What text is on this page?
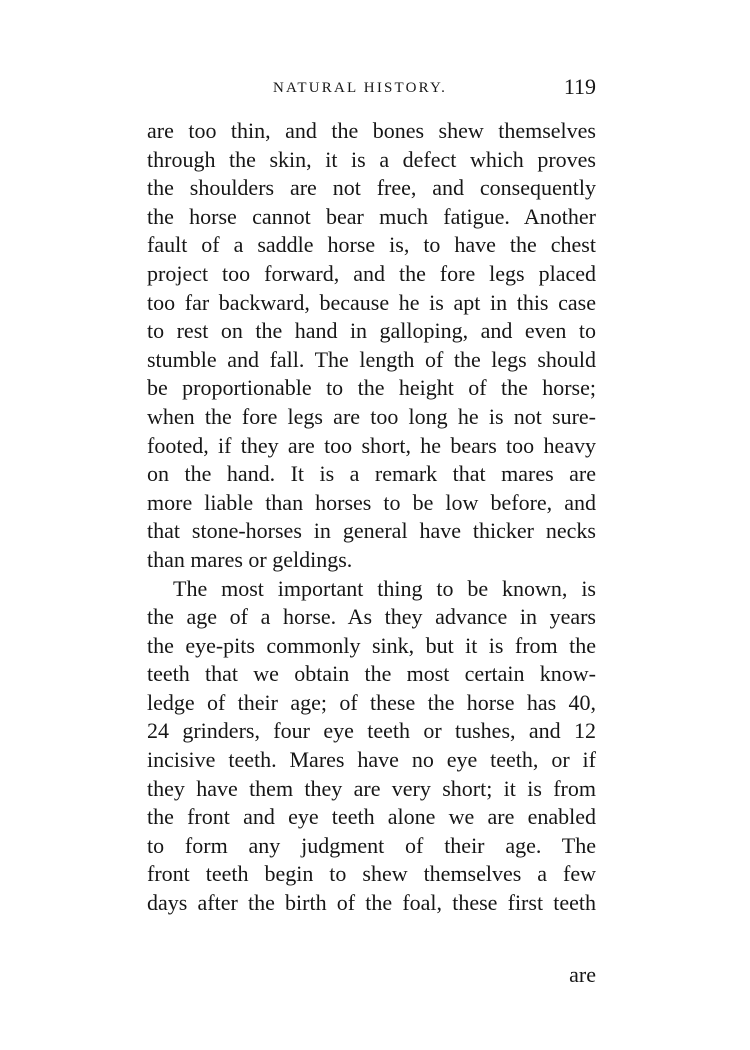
NATURAL HISTORY.	119
are too thin, and the bones shew themselves
through the skin, it is a defect which proves
the shoulders are not free, and consequently
the horse cannot bear much fatigue. Another
fault of a saddle horse is, to have the chest
project too forward, and the fore legs placed
too far backward, because he is apt in this case
to rest on the hand in galloping, and even to
stumble and fall. The length of the legs should
be proportionable to the height of the horse;
when the fore legs are too long he is not sure-
footed, if they are too short, he bears too heavy
on the hand. It is a remark that mares are
more liable than horses to be low before, and
that stone-horses in general have thicker necks
than mares or geldings.
The most important thing to be known, is
the age of a horse. As they advance in years
the eye-pits commonly sink, but it is from the
teeth that we obtain the most certain know-
ledge of their age; of these the horse has 40,
24 grinders, four eye teeth or tushes, and 12
incisive teeth. Mares have no eye teeth, or if
they have them they are very short; it is from
the front and eye teeth alone we are enabled
to form any judgment of their age. The
front teeth begin to shew themselves a few
days after the birth of the foal, these first teeth
are
